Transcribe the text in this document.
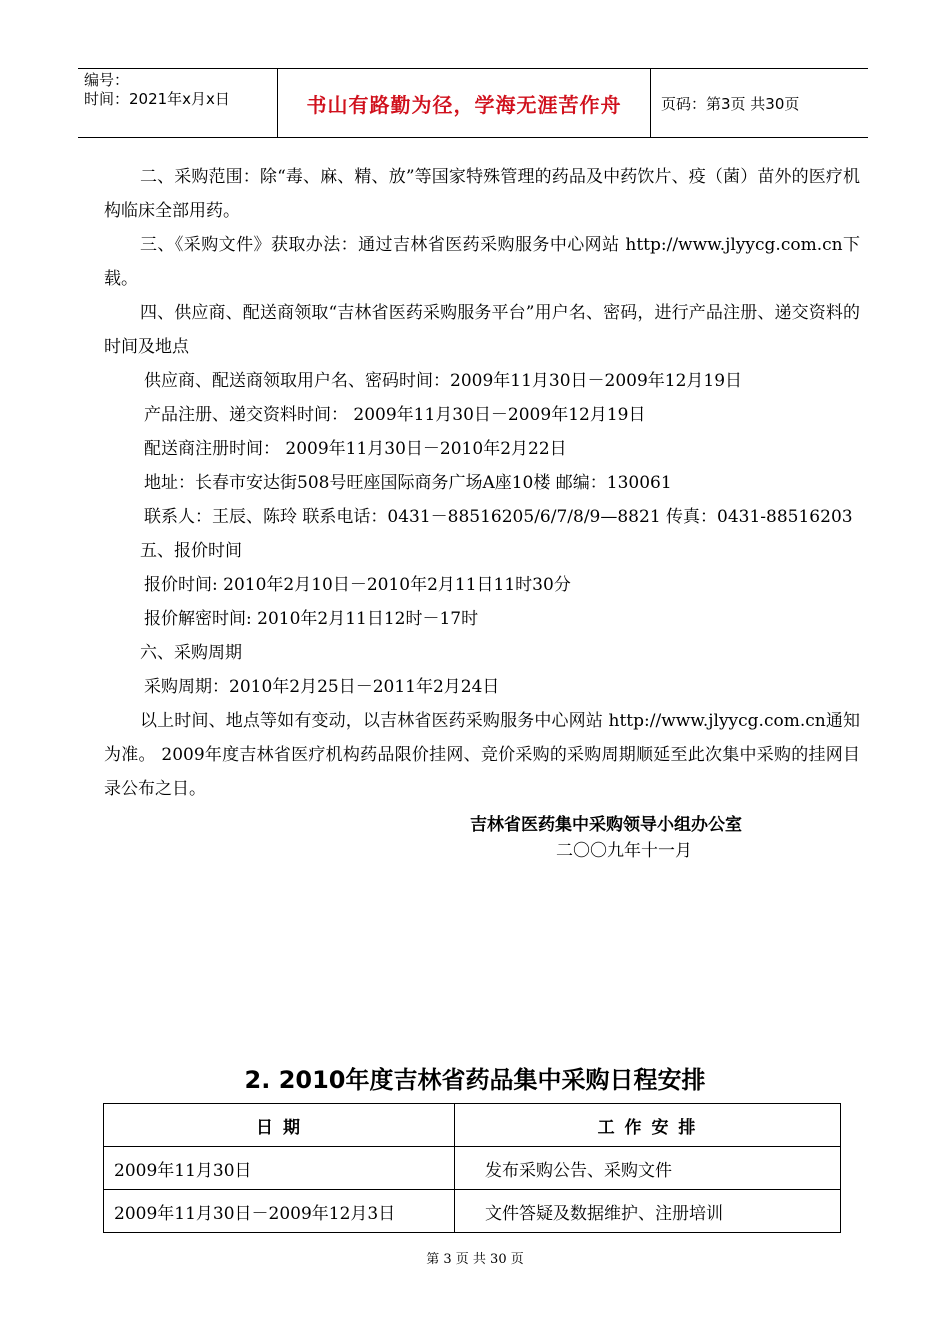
编号：
时间：2021年x月x日	书山有路勤为径，学海无涯苦作舟	页码：第3页 共30页

二、采购范围：除“毒、麻、精、放”等国家特殊管理的药品及中药饮片、疫（菌）苗外的医疗机构临床全部用药。

三、《采购文件》获取办法：通过吉林省医药采购服务中心网站 http://www.jlyycg.com.cn下载。

四、供应商、配送商领取“吉林省医药采购服务平台”用户名、密码，进行产品注册、递交资料的时间及地点

供应商、配送商领取用户名、密码时间：2009年11月30日－2009年12月19日

产品注册、递交资料时间： 2009年11月30日－2009年12月19日

配送商注册时间： 2009年11月30日－2010年2月22日

地址：长春市安达街508号旺座国际商务广场A座10楼 邮编：130061

联系人：王辰、陈玲 联系电话：0431－88516205/6/7/8/9—8821 传真：0431-88516203

五、报价时间

报价时间: 2010年2月10日－2010年2月11日11时30分

报价解密时间: 2010年2月11日12时－17时

六、采购周期

采购周期：2010年2月25日－2011年2月24日

以上时间、地点等如有变动，以吉林省医药采购服务中心网站 http://www.jlyycg.com.cn通知为准。 2009年度吉林省医疗机构药品限价挂网、竞价采购的采购周期顺延至此次集中采购的挂网目录公布之日。

吉林省医药集中采购领导小组办公室
二〇〇九年十一月
2. 2010年度吉林省药品集中采购日程安排
日 期	工 作 安 排
2009年11月30日	发布采购公告、采购文件
2009年11月30日－2009年12月3日	文件答疑及数据维护、注册培训
第 3 页 共 30 页
